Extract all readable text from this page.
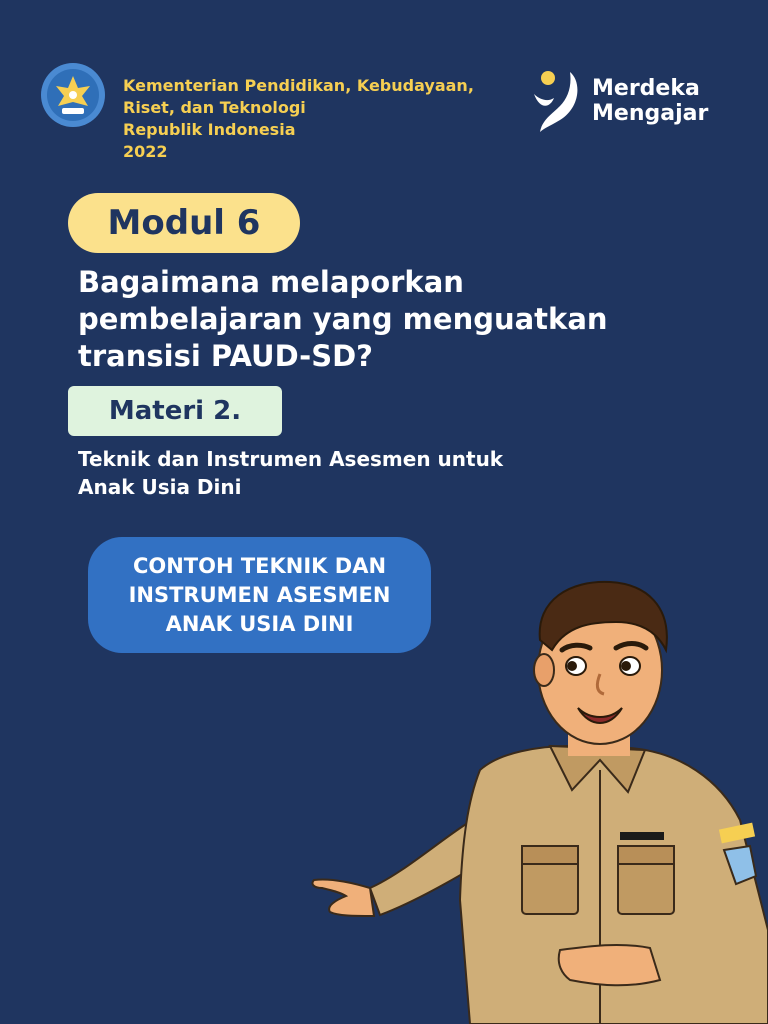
Kementerian Pendidikan, Kebudayaan,
Riset, dan Teknologi
Republik Indonesia
2022
Merdeka
Mengajar
Modul 6
Bagaimana melaporkan
pembelajaran yang menguatkan
transisi PAUD-SD?
Materi 2.
Teknik dan Instrumen Asesmen untuk
Anak Usia Dini
CONTOH TEKNIK DAN
INSTRUMEN ASESMEN
ANAK USIA DINI
